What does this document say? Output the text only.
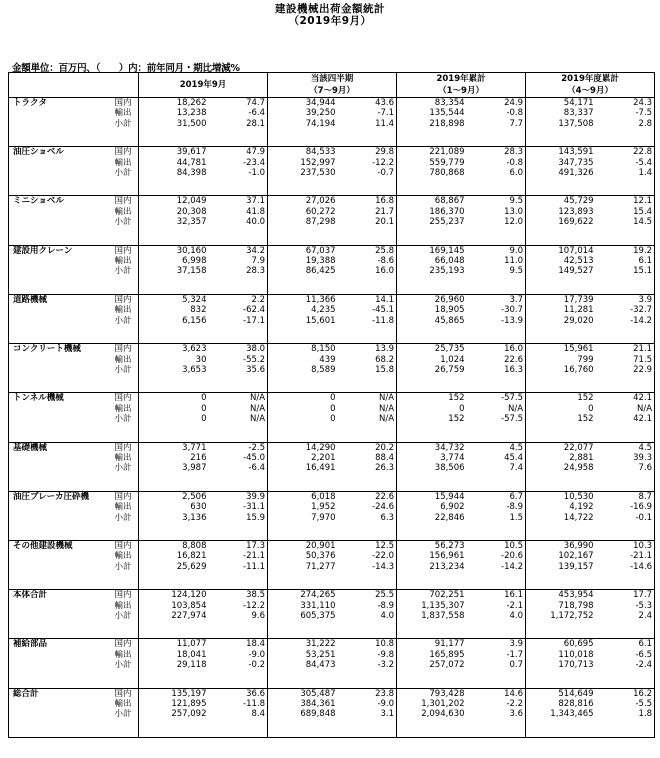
建設機械出荷金額統計
（2019年9月）
金額単位：百万円、（　　）内：前年同月・期比増減%
		2019年9月		当該四半期		2019年累計		2019年度累計	
				（7～9月）		（1～9月）		（4～9月）	
トラクタ	国内	18,262	74.7	34,944	43.6	83,354	24.9	54,171	24.3
	輸出	13,238	-6.4	39,250	-7.1	135,544	-0.8	83,337	-7.5
	小計	31,500	28.1	74,194	11.4	218,898	7.7	137,508	2.8

油圧ショベル	国内	39,617	47.9	84,533	29.8	221,089	28.3	143,591	22.8
	輸出	44,781	-23.4	152,997	-12.2	559,779	-0.8	347,735	-5.4
	小計	84,398	-1.0	237,530	-0.7	780,868	6.0	491,326	1.4

ミニショベル	国内	12,049	37.1	27,026	16.8	68,867	9.5	45,729	12.1
	輸出	20,308	41.8	60,272	21.7	186,370	13.0	123,893	15.4
	小計	32,357	40.0	87,298	20.1	255,237	12.0	169,622	14.5

建設用クレーン	国内	30,160	34.2	67,037	25.8	169,145	9.0	107,014	19.2
	輸出	6,998	7.9	19,388	-8.6	66,048	11.0	42,513	6.1
	小計	37,158	28.3	86,425	16.0	235,193	9.5	149,527	15.1

道路機械	国内	5,324	2.2	11,366	14.1	26,960	3.7	17,739	3.9
	輸出	832	-62.4	4,235	-45.1	18,905	-30.7	11,281	-32.7
	小計	6,156	-17.1	15,601	-11.8	45,865	-13.9	29,020	-14.2

コンクリート機械	国内	3,623	38.0	8,150	13.9	25,735	16.0	15,961	21.1
	輸出	30	-55.2	439	68.2	1,024	22.6	799	71.5
	小計	3,653	35.6	8,589	15.8	26,759	16.3	16,760	22.9

トンネル機械	国内	0	N/A	0	N/A	152	-57.5	152	42.1
	輸出	0	N/A	0	N/A	0	N/A	0	N/A
	小計	0	N/A	0	N/A	152	-57.5	152	42.1

基礎機械	国内	3,771	-2.5	14,290	20.2	34,732	4.5	22,077	4.5
	輸出	216	-45.0	2,201	88.4	3,774	45.4	2,881	39.3
	小計	3,987	-6.4	16,491	26.3	38,506	7.4	24,958	7.6

油圧ブレーカ圧砕機	国内	2,506	39.9	6,018	22.6	15,944	6.7	10,530	8.7
	輸出	630	-31.1	1,952	-24.6	6,902	-8.9	4,192	-16.9
	小計	3,136	15.9	7,970	6.3	22,846	1.5	14,722	-0.1

その他建設機械	国内	8,808	17.3	20,901	12.5	56,273	10.5	36,990	10.3
	輸出	16,821	-21.1	50,376	-22.0	156,961	-20.6	102,167	-21.1
	小計	25,629	-11.1	71,277	-14.3	213,234	-14.2	139,157	-14.6

本体合計	国内	124,120	38.5	274,265	25.5	702,251	16.1	453,954	17.7
	輸出	103,854	-12.2	331,110	-8.9	1,135,307	-2.1	718,798	-5.3
	小計	227,974	9.6	605,375	4.0	1,837,558	4.0	1,172,752	2.4

補給部品	国内	11,077	18.4	31,222	10.8	91,177	3.9	60,695	6.1
	輸出	18,041	-9.0	53,251	-9.8	165,895	-1.7	110,018	-6.5
	小計	29,118	-0.2	84,473	-3.2	257,072	0.7	170,713	-2.4

総合計	国内	135,197	36.6	305,487	23.8	793,428	14.6	514,649	16.2
	輸出	121,895	-11.8	384,361	-9.0	1,301,202	-2.2	828,816	-5.5
	小計	257,092	8.4	689,848	3.1	2,094,630	3.6	1,343,465	1.8
